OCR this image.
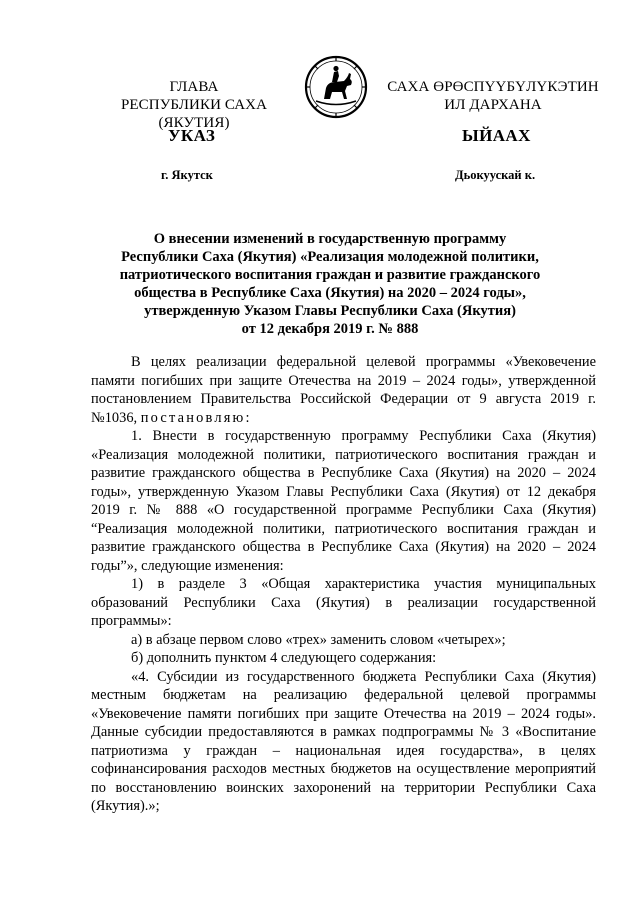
ГЛАВА
РЕСПУБЛИКИ САХА (ЯКУТИЯ)
САХА ӨРӨСПҮҮБҮЛҮКЭТИН
ИЛ ДАРХАНА
УКАЗ	ЫЙААХ
г. Якутск	Дьокуускай к.
О внесении изменений в государственную программу
Республики Саха (Якутия) «Реализация молодежной политики,
патриотического воспитания граждан и развитие гражданского
общества в Республике Саха (Якутия) на 2020 – 2024 годы»,
утвержденную Указом Главы Республики Саха (Якутия)
от 12 декабря 2019 г. № 888

В целях реализации федеральной целевой программы «Увековечение памяти погибших при защите Отечества на 2019 – 2024 годы», утвержденной постановлением Правительства Российской Федерации от 9 августа 2019 г. №1036, постановляю:

1. Внести в государственную программу Республики Саха (Якутия) «Реализация молодежной политики, патриотического воспитания граждан и развитие гражданского общества в Республике Саха (Якутия) на 2020 – 2024 годы», утвержденную Указом Главы Республики Саха (Якутия) от 12 декабря 2019 г. № 888 «О государственной программе Республики Саха (Якутия) “Реализация молодежной политики, патриотического воспитания граждан и развитие гражданского общества в Республике Саха (Якутия) на 2020 – 2024 годы”», следующие изменения:

1) в разделе 3 «Общая характеристика участия муниципальных образований Республики Саха (Якутия) в реализации государственной программы»:

а) в абзаце первом слово «трех» заменить словом «четырех»;

б) дополнить пунктом 4 следующего содержания:

«4. Субсидии из государственного бюджета Республики Саха (Якутия) местным бюджетам на реализацию федеральной целевой программы «Увековечение памяти погибших при защите Отечества на 2019 – 2024 годы». Данные субсидии предоставляются в рамках подпрограммы № 3 «Воспитание патриотизма у граждан – национальная идея государства», в целях софинансирования расходов местных бюджетов на осуществление мероприятий по восстановлению воинских захоронений на территории Республики Саха (Якутия).»;
